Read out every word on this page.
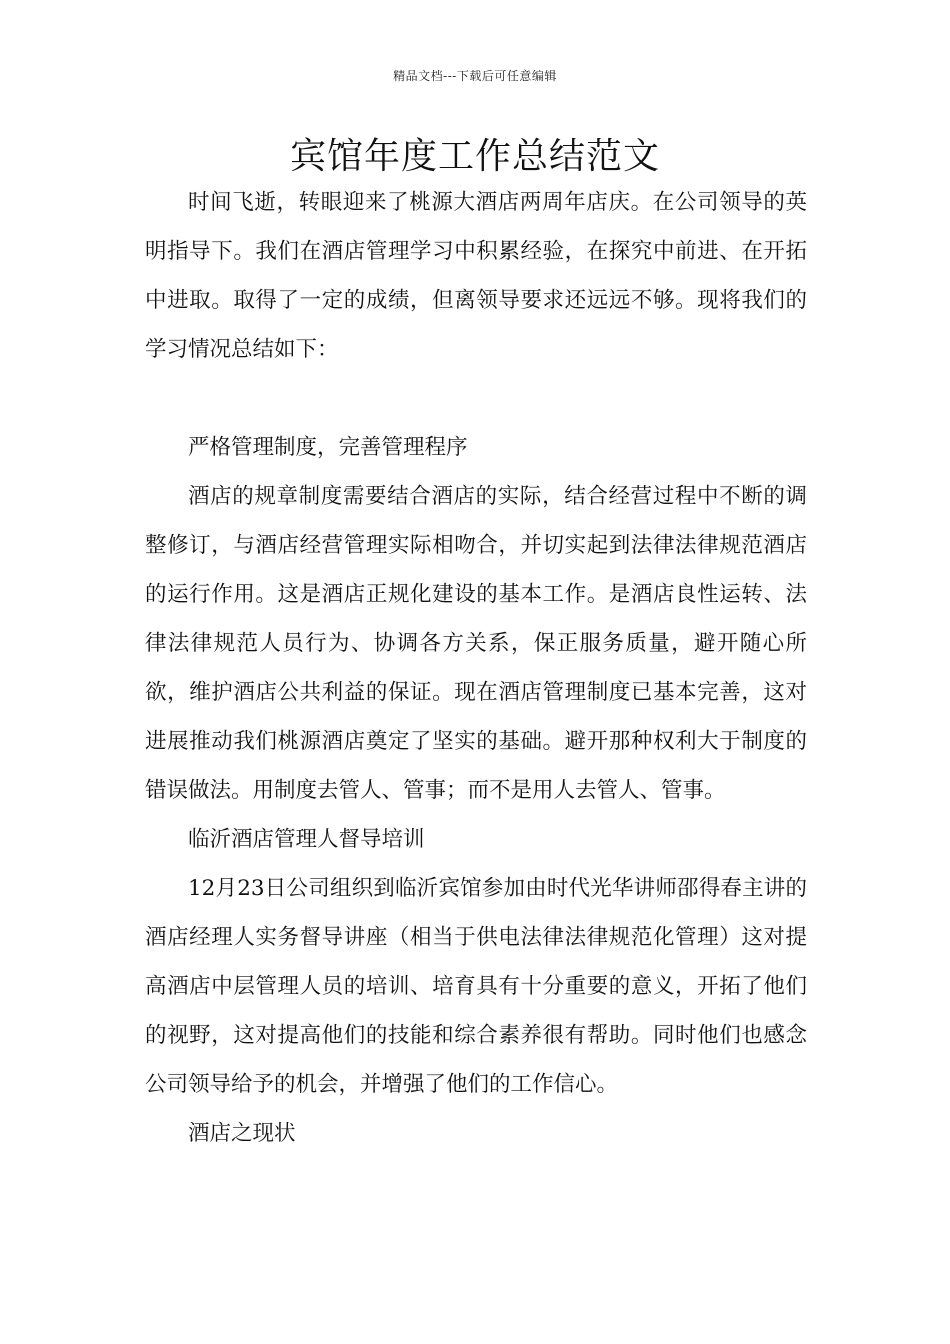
精品文档---下载后可任意编辑
宾馆年度工作总结范文

时间飞逝，转眼迎来了桃源大酒店两周年店庆。在公司领导的英明指导下。我们在酒店管理学习中积累经验，在探究中前进、在开拓中进取。取得了一定的成绩，但离领导要求还远远不够。现将我们的学习情况总结如下：

严格管理制度，完善管理程序

酒店的规章制度需要结合酒店的实际，结合经营过程中不断的调整修订，与酒店经营管理实际相吻合，并切实起到法律法律规范酒店的运行作用。这是酒店正规化建设的基本工作。是酒店良性运转、法律法律规范人员行为、协调各方关系，保正服务质量，避开随心所欲，维护酒店公共利益的保证。现在酒店管理制度已基本完善，这对进展推动我们桃源酒店奠定了坚实的基础。避开那种权利大于制度的错误做法。用制度去管人、管事；而不是用人去管人、管事。

临沂酒店管理人督导培训

12月23日公司组织到临沂宾馆参加由时代光华讲师邵得春主讲的酒店经理人实务督导讲座（相当于供电法律法律规范化管理）这对提高酒店中层管理人员的培训、培育具有十分重要的意义，开拓了他们的视野，这对提高他们的技能和综合素养很有帮助。同时他们也感念公司领导给予的机会，并增强了他们的工作信心。

酒店之现状
